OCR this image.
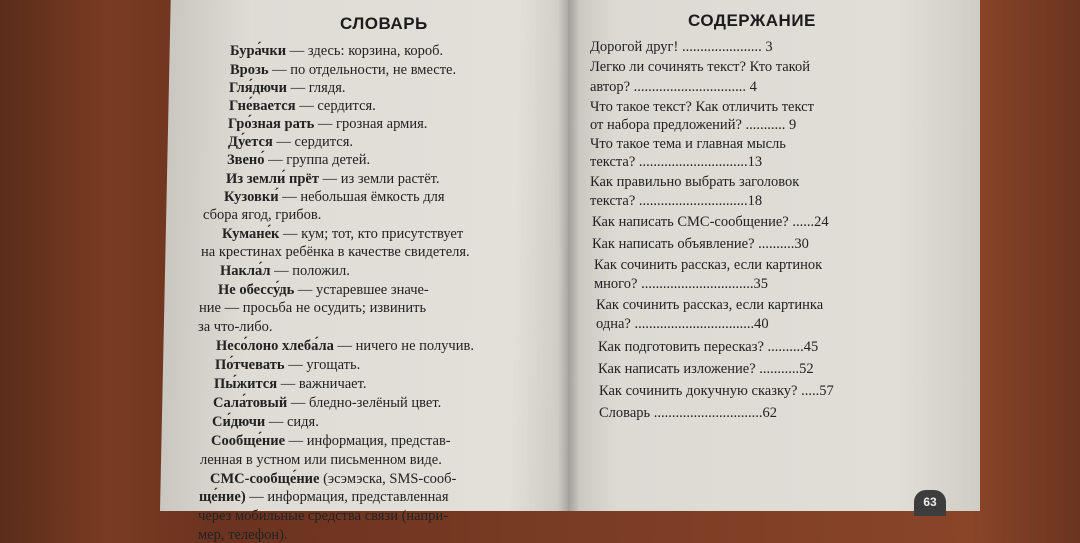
СЛОВАРЬ	СОДЕРЖАНИЕ
Бура́чки — здесь: корзина, короб.
Врозь — по отдельности, не вместе.
Гля́дючи — глядя.
Гне́вается — сердится.
Гро́зная рать — грозная армия.
Ду́ется — сердится.
Звено́ — группа детей.
Из земли́ прёт — из земли растёт.
Кузовки́ — небольшая ёмкость для
сбора ягод, грибов.
Кумане́к — кум; тот, кто присутствует
на крестинах ребёнка в качестве свидетеля.
Накла́л — положил.
Не обессу́дь — устаревшее значе-
ние — просьба не осудить; извинить
за что-либо.
Несо́лоно хлеба́ла — ничего не получив.
По́тчевать — угощать.
Пы́жится — важничает.
Сала́товый — бледно-зелёный цвет.
Си́дючи — сидя.
Сообще́ние — информация, представ-
ленная в устном или письменном виде.
СМС-сообще́ние (эсэмэска, SMS-сооб-
ще́ние) — информация, представленная
через мобильные средства связи (напри-
мер, телефон).
Дорогой друг! ...................... 3
Легко ли сочинять текст? Кто такой
автор? ............................... 4
Что такое текст? Как отличить текст
от набора предложений? ........... 9
Что такое тема и главная мысль
текста? ..............................13
Как правильно выбрать заголовок
текста? ..............................18
Как написать СМС-сообщение? ......24
Как написать объявление? ..........30
Как сочинить рассказ, если картинок
много? ...............................35
Как сочинить рассказ, если картинка
одна? .................................40
Как подготовить пересказ? ..........45
Как написать изложение? ...........52
Как сочинить докучную сказку? .....57
Словарь ..............................62
63
